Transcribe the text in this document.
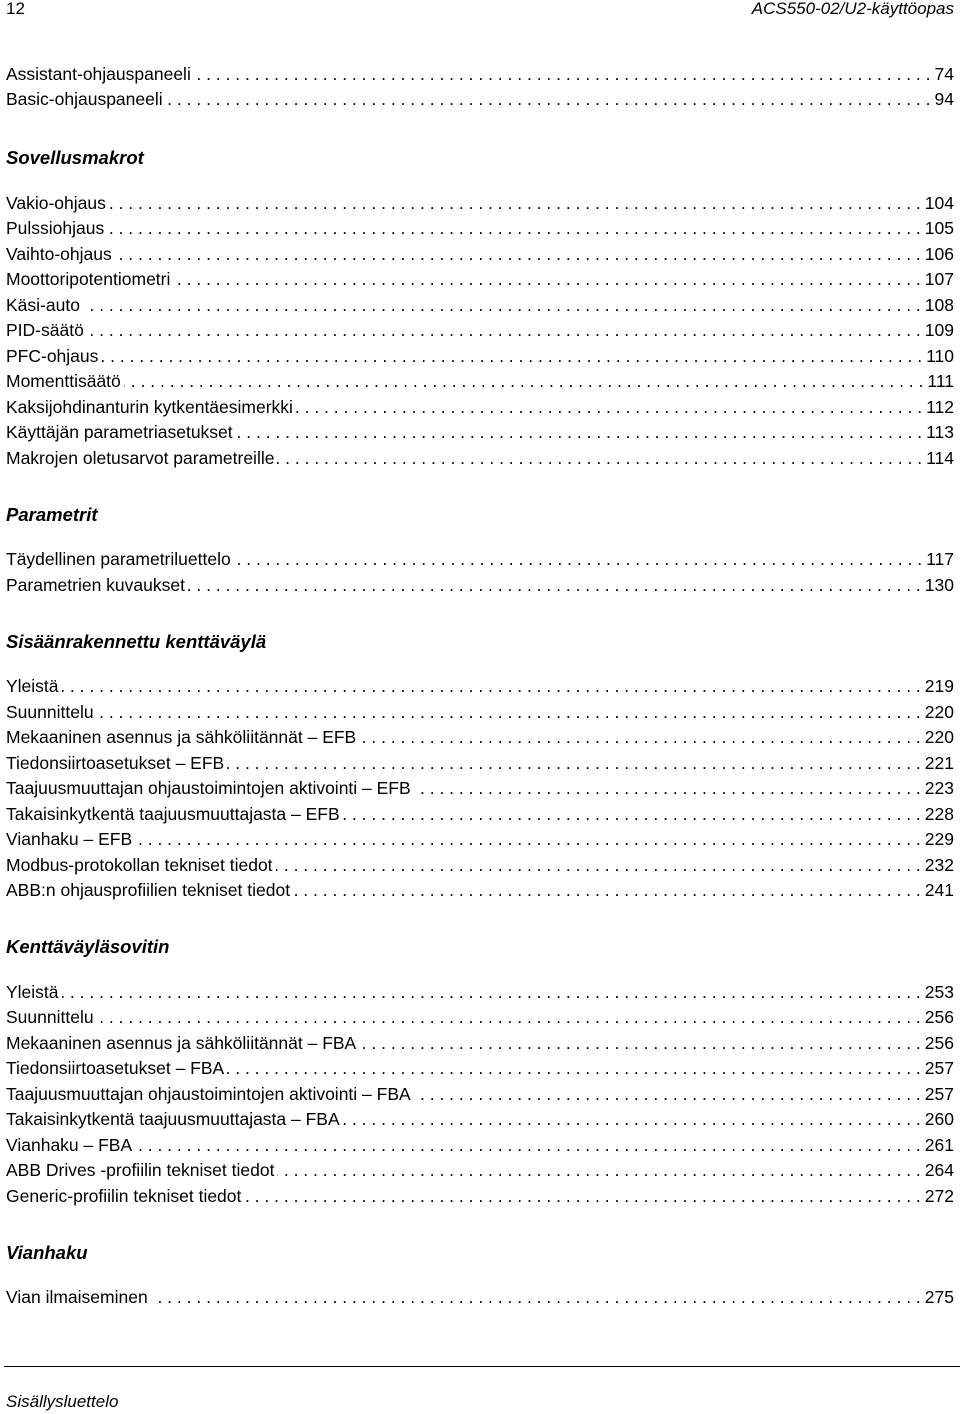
12	ACS550-02/U2-käyttöopas
Assistant-ohjauspaneeli . . .	74
Basic-ohjauspaneeli . . .	94
Sovellusmakrot
Vakio-ohjaus . . .	104
Pulssiohjaus . . .	105
Vaihto-ohjaus . . .	106
Moottoripotentiometri . . .	107
Käsi-auto . . .	108
PID-säätö . . .	109
PFC-ohjaus . . .	110
Momenttisäätö . . .	111
Kaksijohdinanturin kytkentäesimerkki . . .	112
Käyttäjän parametriasetukset . . .	113
Makrojen oletusarvot parametreille . . .	114
Parametrit
Täydellinen parametriluettelo . . .	117
Parametrien kuvaukset . . .	130
Sisäänrakennettu kenttäväylä
Yleistä . . .	219
Suunnittelu . . .	220
Mekaaninen asennus ja sähköliitännät – EFB . . .	220
Tiedonsiirtoasetukset – EFB . . .	221
Taajuusmuuttajan ohjaustoimintojen aktivointi – EFB . . .	223
Takaisinkytkentä taajuusmuuttajasta – EFB . . .	228
Vianhaku – EFB . . .	229
Modbus-protokollan tekniset tiedot . . .	232
ABB:n ohjausprofiilien tekniset tiedot . . .	241
Kenttäväyläsovitin
Yleistä . . .	253
Suunnittelu . . .	256
Mekaaninen asennus ja sähköliitännät – FBA . . .	256
Tiedonsiirtoasetukset – FBA . . .	257
Taajuusmuuttajan ohjaustoimintojen aktivointi – FBA . . .	257
Takaisinkytkentä taajuusmuuttajasta – FBA . . .	260
Vianhaku – FBA . . .	261
ABB Drives -profiilin tekniset tiedot . . .	264
Generic-profiilin tekniset tiedot . . .	272
Vianhaku
Vian ilmaiseminen . . .	275
Sisällysluettelo
